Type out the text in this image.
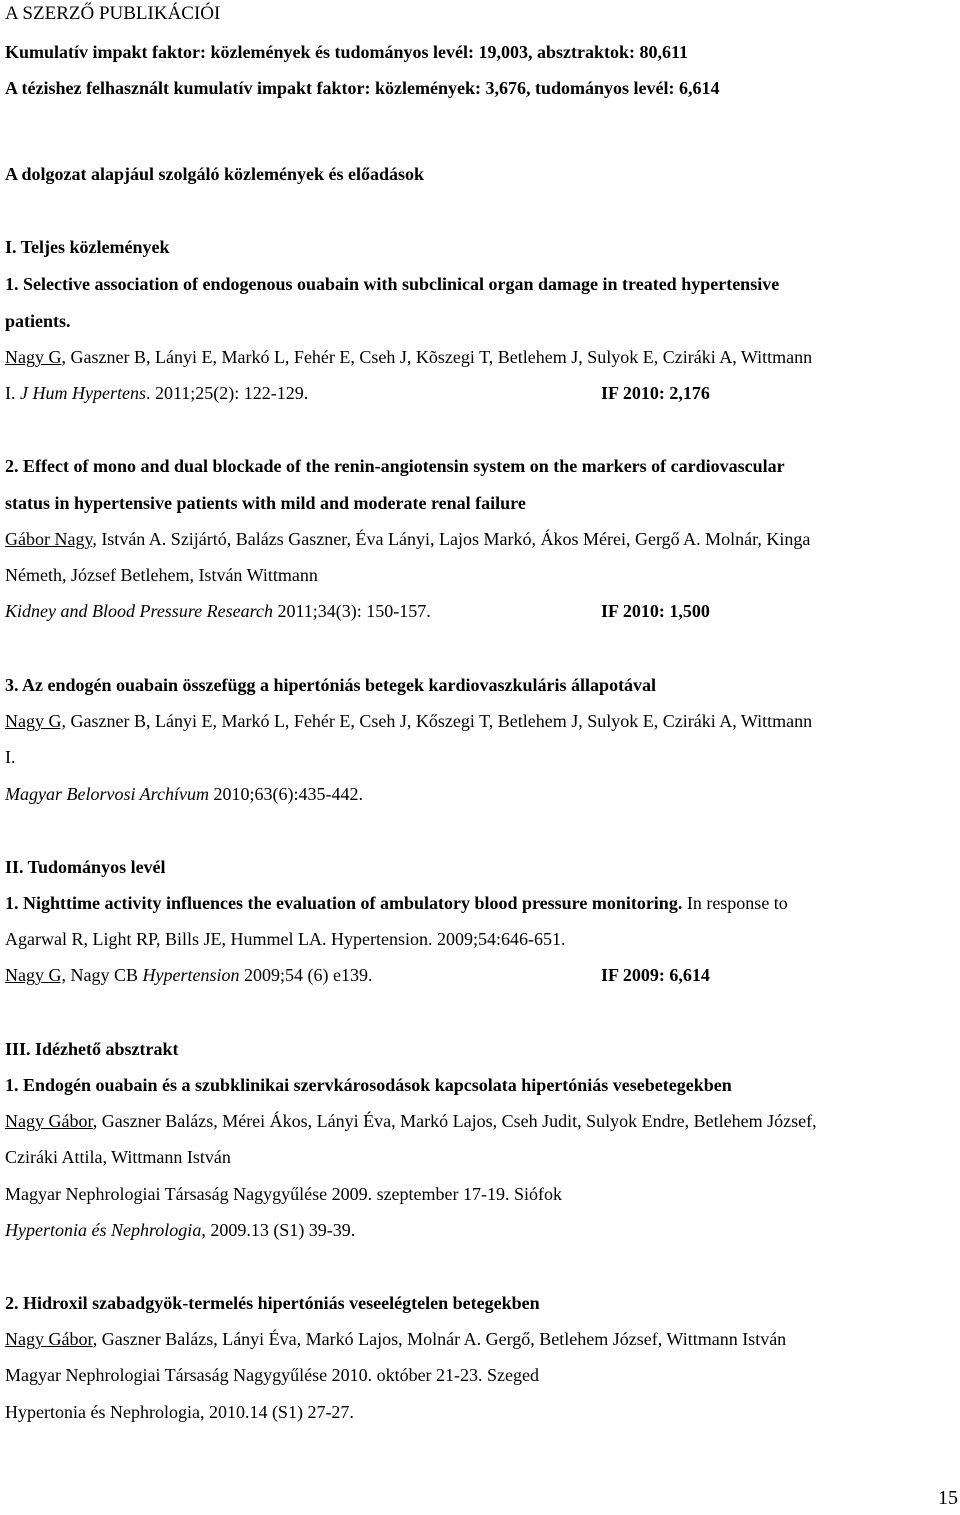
A SZERZŐ PUBLIKÁCIÓI
Kumulatív impakt faktor: közlemények és tudományos levél: 19,003, absztraktok: 80,611
A tézishez felhasznált kumulatív impakt faktor: közlemények: 3,676, tudományos levél: 6,614
A dolgozat alapjául szolgáló közlemények és előadások
I. Teljes közlemények
1. Selective association of endogenous ouabain with subclinical organ damage in treated hypertensive
patients.
Nagy G, Gaszner B, Lányi E, Markó L, Fehér E, Cseh J, Kõszegi T, Betlehem J, Sulyok E, Cziráki A, Wittmann
I. J Hum Hypertens. 2011;25(2): 122-129.	IF 2010: 2,176
2. Effect of mono and dual blockade of the renin-angiotensin system on the markers of cardiovascular
status in hypertensive patients with mild and moderate renal failure
Gábor Nagy, István A. Szijártó, Balázs Gaszner, Éva Lányi, Lajos Markó, Ákos Mérei, Gergő A. Molnár, Kinga
Németh, József Betlehem, István Wittmann
Kidney and Blood Pressure Research 2011;34(3): 150-157.	IF 2010: 1,500
3. Az endogén ouabain összefügg a hipertóniás betegek kardiovaszkuláris állapotával
Nagy G, Gaszner B, Lányi E, Markó L, Fehér E, Cseh J, Kőszegi T, Betlehem J, Sulyok E, Cziráki A, Wittmann
I.
Magyar Belorvosi Archívum 2010;63(6):435-442.
II. Tudományos levél
1. Nighttime activity influences the evaluation of ambulatory blood pressure monitoring. In response to
Agarwal R, Light RP, Bills JE, Hummel LA. Hypertension. 2009;54:646-651.
Nagy G, Nagy CB Hypertension 2009;54 (6) e139.	IF 2009: 6,614
III. Idézhető absztrakt
1. Endogén ouabain és a szubklinikai szervkárosodások kapcsolata hipertóniás vesebetegekben
Nagy Gábor, Gaszner Balázs, Mérei Ákos, Lányi Éva, Markó Lajos, Cseh Judit, Sulyok Endre, Betlehem József,
Cziráki Attila, Wittmann István
Magyar Nephrologiai Társaság Nagygyűlése 2009. szeptember 17-19. Siófok
Hypertonia és Nephrologia, 2009.13 (S1) 39-39.
2. Hidroxil szabadgyök-termelés hipertóniás veseelégtelen betegekben
Nagy Gábor, Gaszner Balázs, Lányi Éva, Markó Lajos, Molnár A. Gergő, Betlehem József, Wittmann István
Magyar Nephrologiai Társaság Nagygyűlése 2010. október 21-23. Szeged
Hypertonia és Nephrologia, 2010.14 (S1) 27-27.
15
